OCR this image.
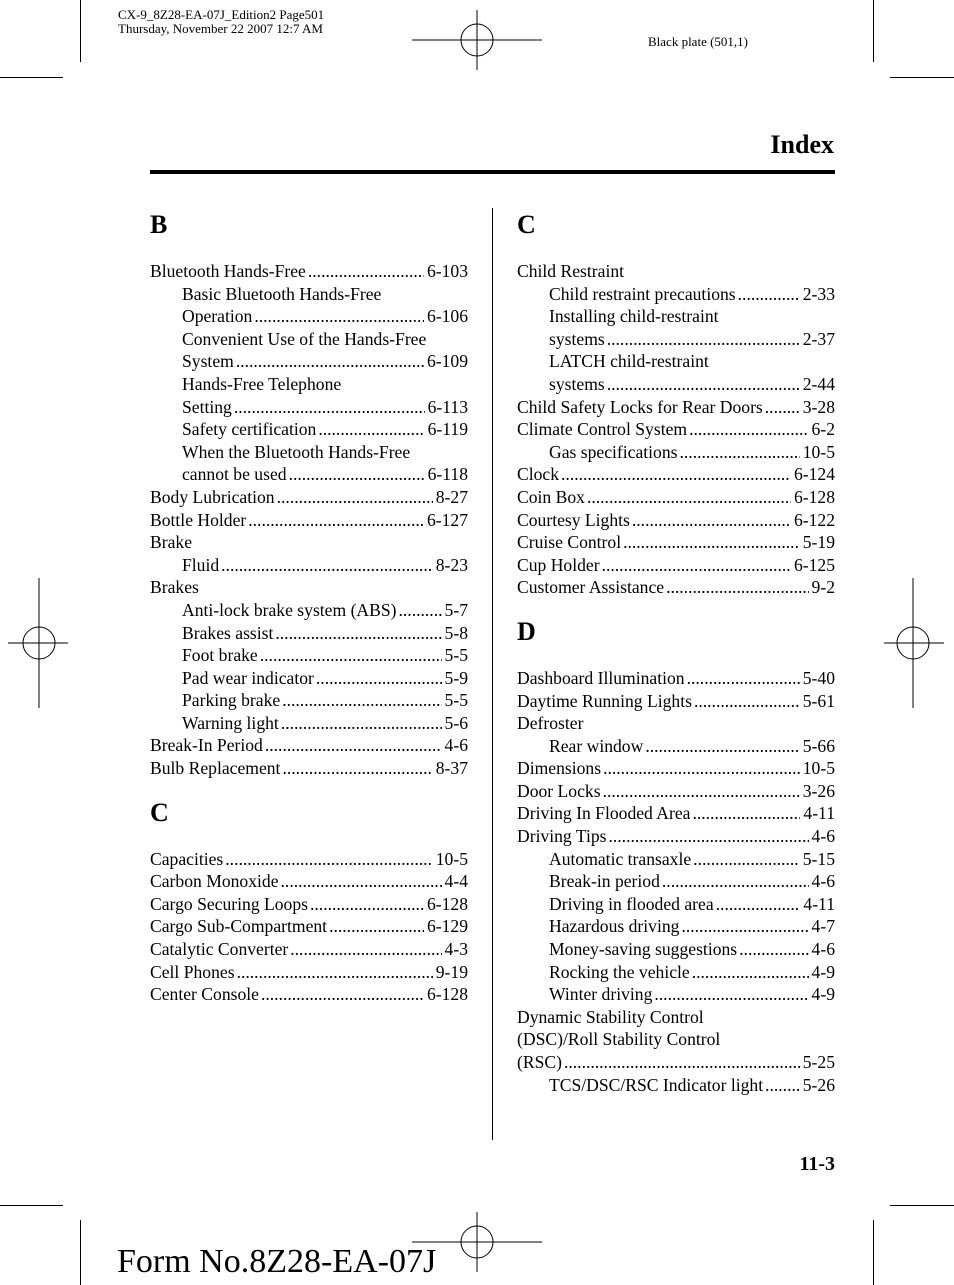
CX-9_8Z28-EA-07J_Edition2 Page501
Thursday, November 22 2007 12:7 AM
Black plate (501,1)
Index
B
Bluetooth Hands-Free . . .	6-103
Basic Bluetooth Hands-Free
Operation . . .	6-106
Convenient Use of the Hands-Free
System . . .	6-109
Hands-Free Telephone
Setting . . .	6-113
Safety certification . . .	6-119
When the Bluetooth Hands-Free
cannot be used . . .	6-118
Body Lubrication . . .	8-27
Bottle Holder . . .	6-127
Brake
Fluid . . .	8-23
Brakes
Anti-lock brake system (ABS) . . .	5-7
Brakes assist . . .	5-8
Foot brake . . .	5-5
Pad wear indicator . . .	5-9
Parking brake . . .	5-5
Warning light . . .	5-6
Break-In Period . . .	4-6
Bulb Replacement . . .	8-37
C
Capacities . . .	10-5
Carbon Monoxide . . .	4-4
Cargo Securing Loops . . .	6-128
Cargo Sub-Compartment . . .	6-129
Catalytic Converter . . .	4-3
Cell Phones . . .	9-19
Center Console . . .	6-128
C
Child Restraint
Child restraint precautions . . .	2-33
Installing child-restraint
systems . . .	2-37
LATCH child-restraint
systems . . .	2-44
Child Safety Locks for Rear Doors . . . 3-28
Climate Control System . . .	6-2
Gas specifications . . .	10-5
Clock . . .	6-124
Coin Box . . .	6-128
Courtesy Lights . . .	6-122
Cruise Control . . .	5-19
Cup Holder . . .	6-125
Customer Assistance . . .	9-2
D
Dashboard Illumination . . .	5-40
Daytime Running Lights . . .	5-61
Defroster
Rear window . . .	5-66
Dimensions . . .	10-5
Door Locks . . .	3-26
Driving In Flooded Area . . .	4-11
Driving Tips . . .	4-6
Automatic transaxle . . .	5-15
Break-in period . . .	4-6
Driving in flooded area . . .	4-11
Hazardous driving . . .	4-7
Money-saving suggestions . . .	4-6
Rocking the vehicle . . .	4-9
Winter driving . . .	4-9
Dynamic Stability Control
(DSC)/Roll Stability Control
(RSC) . . .	5-25
TCS/DSC/RSC Indicator light . . . 5-26
11-3
Form No.8Z28-EA-07J
